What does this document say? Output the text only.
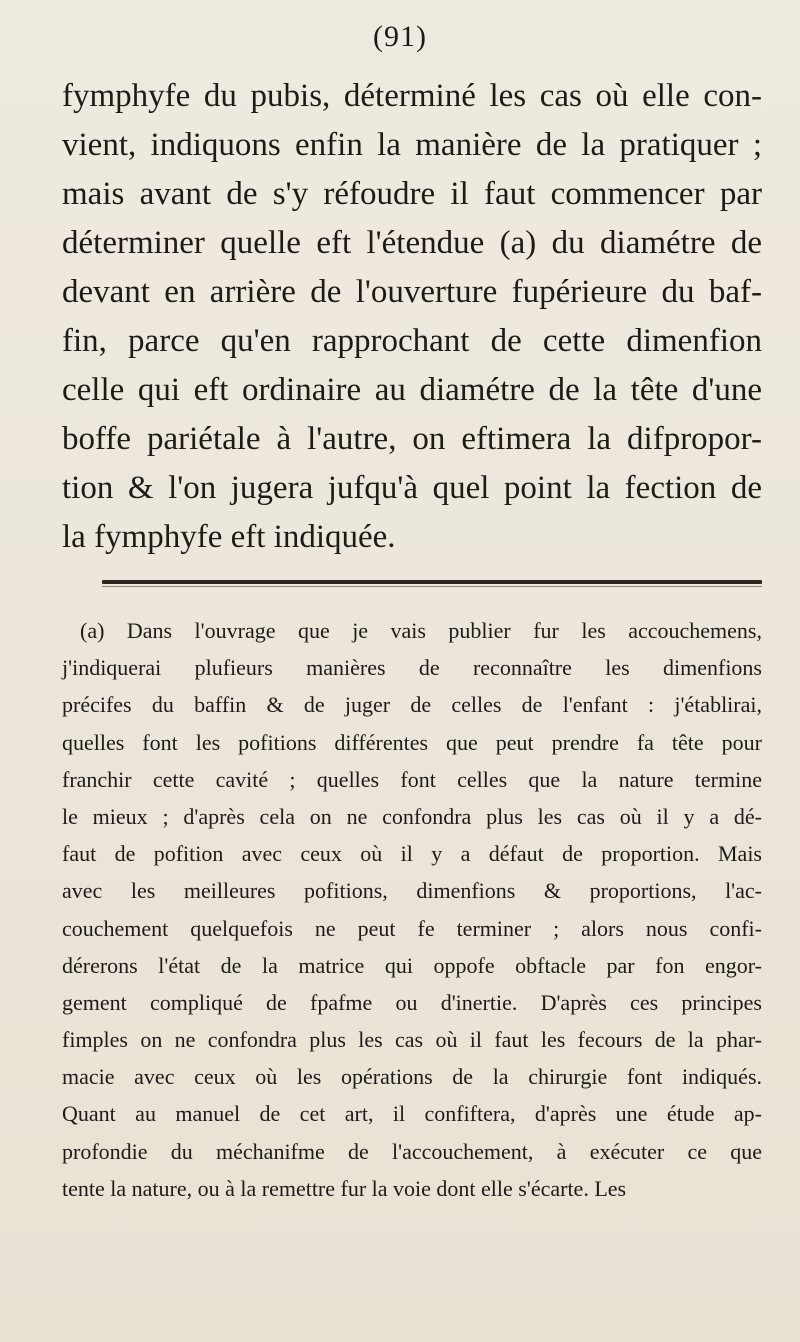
(91)
fymphyfe du pubis, déterminé les cas où elle con-
vient, indiquons enfin la manière de la pratiquer ;
mais avant de s'y réfoudre il faut commencer par
déterminer quelle eft l'étendue (a) du diamétre de
devant en arrière de l'ouverture fupérieure du baf-
fin, parce qu'en rapprochant de cette dimenfion
celle qui eft ordinaire au diamétre de la tête d'une
boffe pariétale à l'autre, on eftimera la difpropor-
tion & l'on jugera jufqu'à quel point la fection de
la fymphyfe eft indiquée.
(a) Dans l'ouvrage que je vais publier fur les accouchemens,
j'indiquerai plufieurs manières de reconnaître les dimenfions
précifes du baffin & de juger de celles de l'enfant : j'établirai,
quelles font les pofitions différentes que peut prendre fa tête pour
franchir cette cavité ; quelles font celles que la nature termine
le mieux ; d'après cela on ne confondra plus les cas où il y a dé-
faut de pofition avec ceux où il y a défaut de proportion. Mais
avec les meilleures pofitions, dimenfions & proportions, l'ac-
couchement quelquefois ne peut fe terminer ; alors nous confi-
dérerons l'état de la matrice qui oppofe obftacle par fon engor-
gement compliqué de fpafme ou d'inertie. D'après ces principes
fimples on ne confondra plus les cas où il faut les fecours de la phar-
macie avec ceux où les opérations de la chirurgie font indiqués.
Quant au manuel de cet art, il confiftera, d'après une étude ap-
profondie du méchanifme de l'accouchement, à exécuter ce que
tente la nature, ou à la remettre fur la voie dont elle s'écarte. Les
